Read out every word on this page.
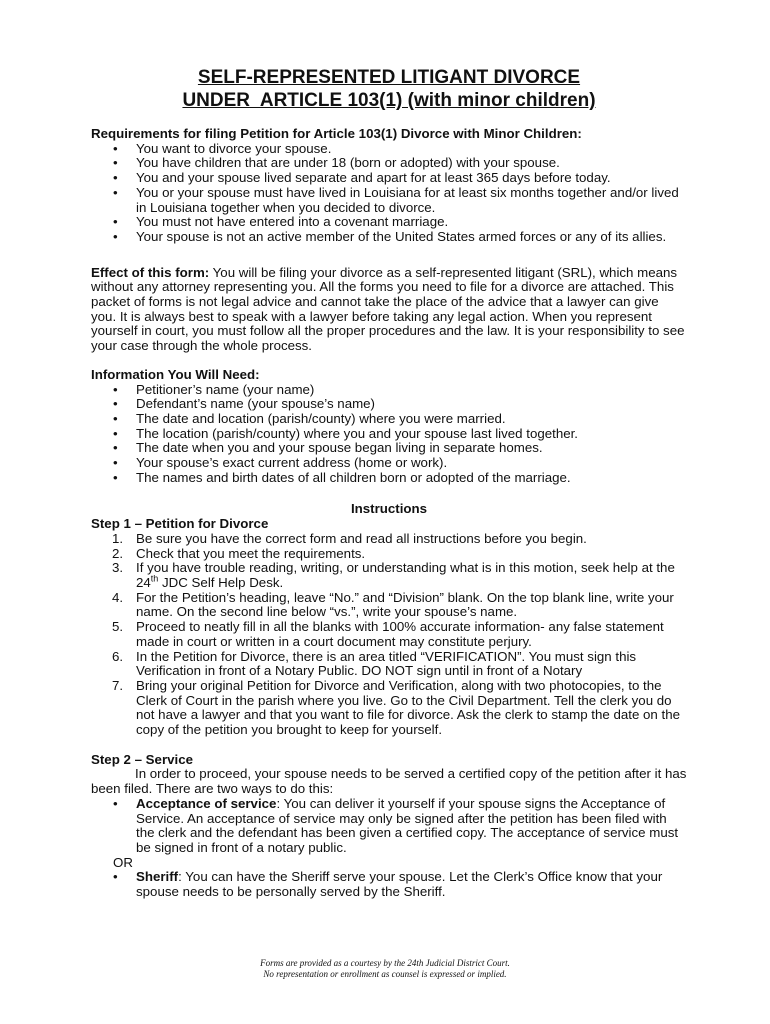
SELF-REPRESENTED LITIGANT DIVORCE
UNDER  ARTICLE 103(1) (with minor children)
Requirements for filing Petition for Article 103(1) Divorce with Minor Children:
• You want to divorce your spouse.
• You have children that are under 18 (born or adopted) with your spouse.
• You and your spouse lived separate and apart for at least 365 days before today.
• You or your spouse must have lived in Louisiana for at least six months together and/or lived in Louisiana together when you decided to divorce.
• You must not have entered into a covenant marriage.
• Your spouse is not an active member of the United States armed forces or any of its allies.
Effect of this form: You will be filing your divorce as a self-represented litigant (SRL), which means without any attorney representing you. All the forms you need to file for a divorce are attached. This packet of forms is not legal advice and cannot take the place of the advice that a lawyer can give you. It is always best to speak with a lawyer before taking any legal action. When you represent yourself in court, you must follow all the proper procedures and the law. It is your responsibility to see your case through the whole process.
Information You Will Need:
• Petitioner’s name (your name)
• Defendant’s name (your spouse’s name)
• The date and location (parish/county) where you were married.
• The location (parish/county) where you and your spouse last lived together.
• The date when you and your spouse began living in separate homes.
• Your spouse’s exact current address (home or work).
• The names and birth dates of all children born or adopted of the marriage.
Instructions
Step 1 – Petition for Divorce
1. Be sure you have the correct form and read all instructions before you begin.
2. Check that you meet the requirements.
3. If you have trouble reading, writing, or understanding what is in this motion, seek help at the 24th JDC Self Help Desk.
4. For the Petition’s heading, leave “No.” and “Division” blank. On the top blank line, write your name. On the second line below “vs.”, write your spouse’s name.
5. Proceed to neatly fill in all the blanks with 100% accurate information- any false statement made in court or written in a court document may constitute perjury.
6. In the Petition for Divorce, there is an area titled “VERIFICATION”. You must sign this Verification in front of a Notary Public. DO NOT sign until in front of a Notary
7. Bring your original Petition for Divorce and Verification, along with two photocopies, to the Clerk of Court in the parish where you live. Go to the Civil Department. Tell the clerk you do not have a lawyer and that you want to file for divorce. Ask the clerk to stamp the date on the copy of the petition you brought to keep for yourself.
Step 2 – Service
In order to proceed, your spouse needs to be served a certified copy of the petition after it has been filed. There are two ways to do this:
• Acceptance of service: You can deliver it yourself if your spouse signs the Acceptance of Service. An acceptance of service may only be signed after the petition has been filed with the clerk and the defendant has been given a certified copy. The acceptance of service must be signed in front of a notary public.
OR
• Sheriff: You can have the Sheriff serve your spouse. Let the Clerk’s Office know that your spouse needs to be personally served by the Sheriff.
Forms are provided as a courtesy by the 24th Judicial District Court.
No representation or enrollment as counsel is expressed or implied.
